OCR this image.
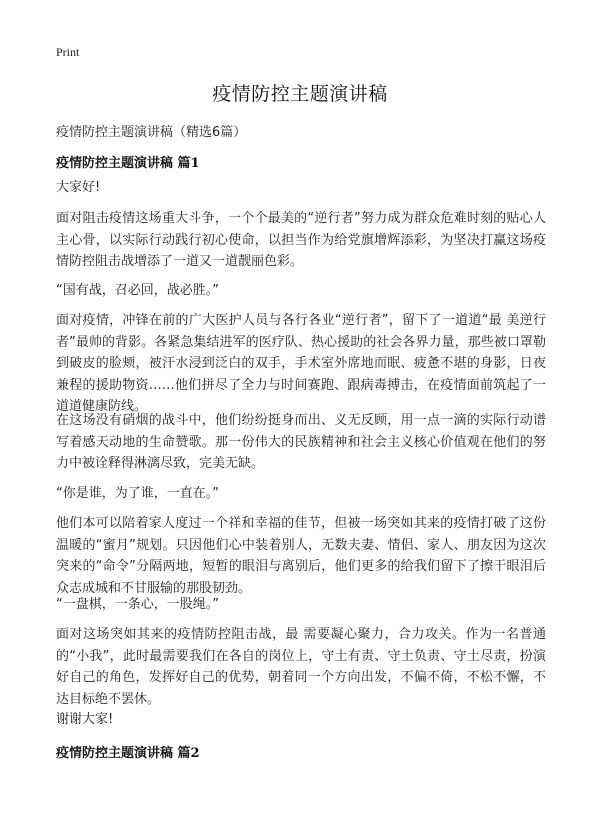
Print
疫情防控主题演讲稿

疫情防控主题演讲稿（精选6篇）

疫情防控主题演讲稿 篇1

大家好!

面对阻击疫情这场重大斗争，一个个最美的“逆行者”努力成为群众危难时刻的贴心人主心骨，以实际行动践行初心使命，以担当作为给党旗增辉添彩，为坚决打赢这场疫情防控阻击战增添了一道又一道靓丽色彩。

“国有战，召必回，战必胜。”

面对疫情，冲锋在前的广大医护人员与各行各业“逆行者”，留下了一道道“最 美逆行者”最帅的背影。各紧急集结进军的医疗队、热心援助的社会各界力量，那些被口罩勒到破皮的脸颊，被汗水浸到泛白的双手，手术室外席地而眠、疲惫不堪的身影，日夜兼程的援助物资……他们拼尽了全力与时间赛跑、跟病毒搏击，在疫情面前筑起了一道道健康防线。

在这场没有硝烟的战斗中，他们纷纷挺身而出、义无反顾，用一点一滴的实际行动谱写着感天动地的生命赞歌。那一份伟大的民族精神和社会主义核心价值观在他们的努力中被诠释得淋漓尽致，完美无缺。

“你是谁，为了谁，一直在。”

他们本可以陪着家人度过一个祥和幸福的佳节，但被一场突如其来的疫情打破了这份温暖的“蜜月”规划。只因他们心中装着别人，无数夫妻、情侣、家人、朋友因为这次突来的“命令”分隔两地，短暂的眼泪与离别后，他们更多的给我们留下了擦干眼泪后众志成城和不甘服输的那股韧劲。

“一盘棋，一条心，一股绳。”

面对这场突如其来的疫情防控阻击战，最 需要凝心聚力，合力攻关。作为一名普通的“小我”，此时最需要我们在各自的岗位上，守土有责、守土负责、守土尽责，扮演好自己的角色，发挥好自己的优势，朝着同一个方向出发，不偏不倚，不松不懈，不达目标绝不罢休。

谢谢大家!

疫情防控主题演讲稿 篇2
